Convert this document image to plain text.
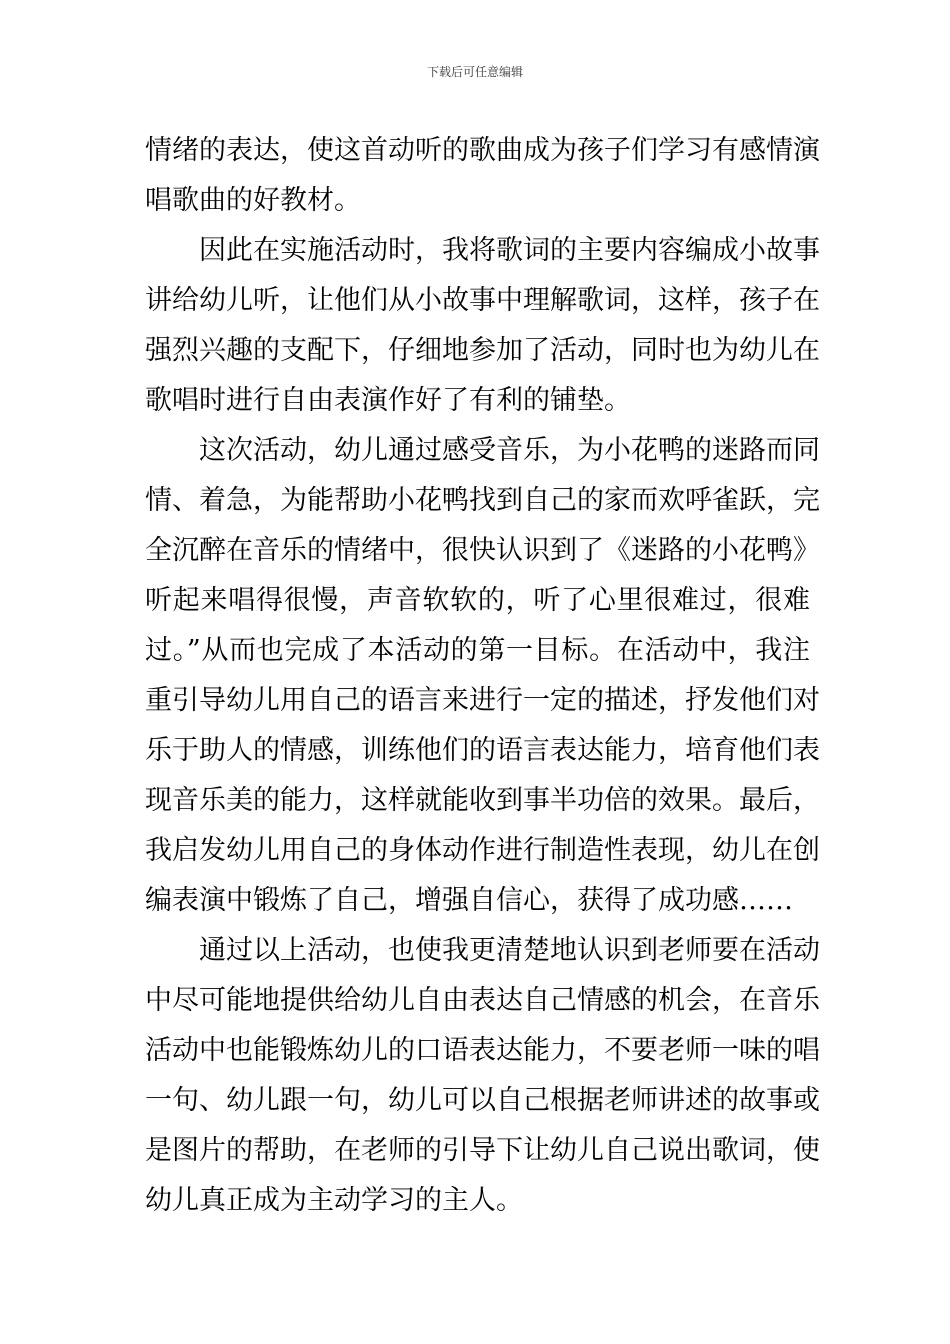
下载后可任意编辑
情绪的表达，使这首动听的歌曲成为孩子们学习有感情演
唱歌曲的好教材。
因此在实施活动时，我将歌词的主要内容编成小故事
讲给幼儿听，让他们从小故事中理解歌词，这样，孩子在
强烈兴趣的支配下，仔细地参加了活动，同时也为幼儿在
歌唱时进行自由表演作好了有利的铺垫。
这次活动，幼儿通过感受音乐，为小花鸭的迷路而同
情、着急，为能帮助小花鸭找到自己的家而欢呼雀跃，完
全沉醉在音乐的情绪中，很快认识到了《迷路的小花鸭》
听起来唱得很慢，声音软软的，听了心里很难过，很难
过。”从而也完成了本活动的第一目标。在活动中，我注
重引导幼儿用自己的语言来进行一定的描述，抒发他们对
乐于助人的情感，训练他们的语言表达能力，培育他们表
现音乐美的能力，这样就能收到事半功倍的效果。最后，
我启发幼儿用自己的身体动作进行制造性表现，幼儿在创
编表演中锻炼了自己，增强自信心，获得了成功感……
通过以上活动，也使我更清楚地认识到老师要在活动
中尽可能地提供给幼儿自由表达自己情感的机会，在音乐
活动中也能锻炼幼儿的口语表达能力，不要老师一味的唱
一句、幼儿跟一句，幼儿可以自己根据老师讲述的故事或
是图片的帮助，在老师的引导下让幼儿自己说出歌词，使
幼儿真正成为主动学习的主人。
